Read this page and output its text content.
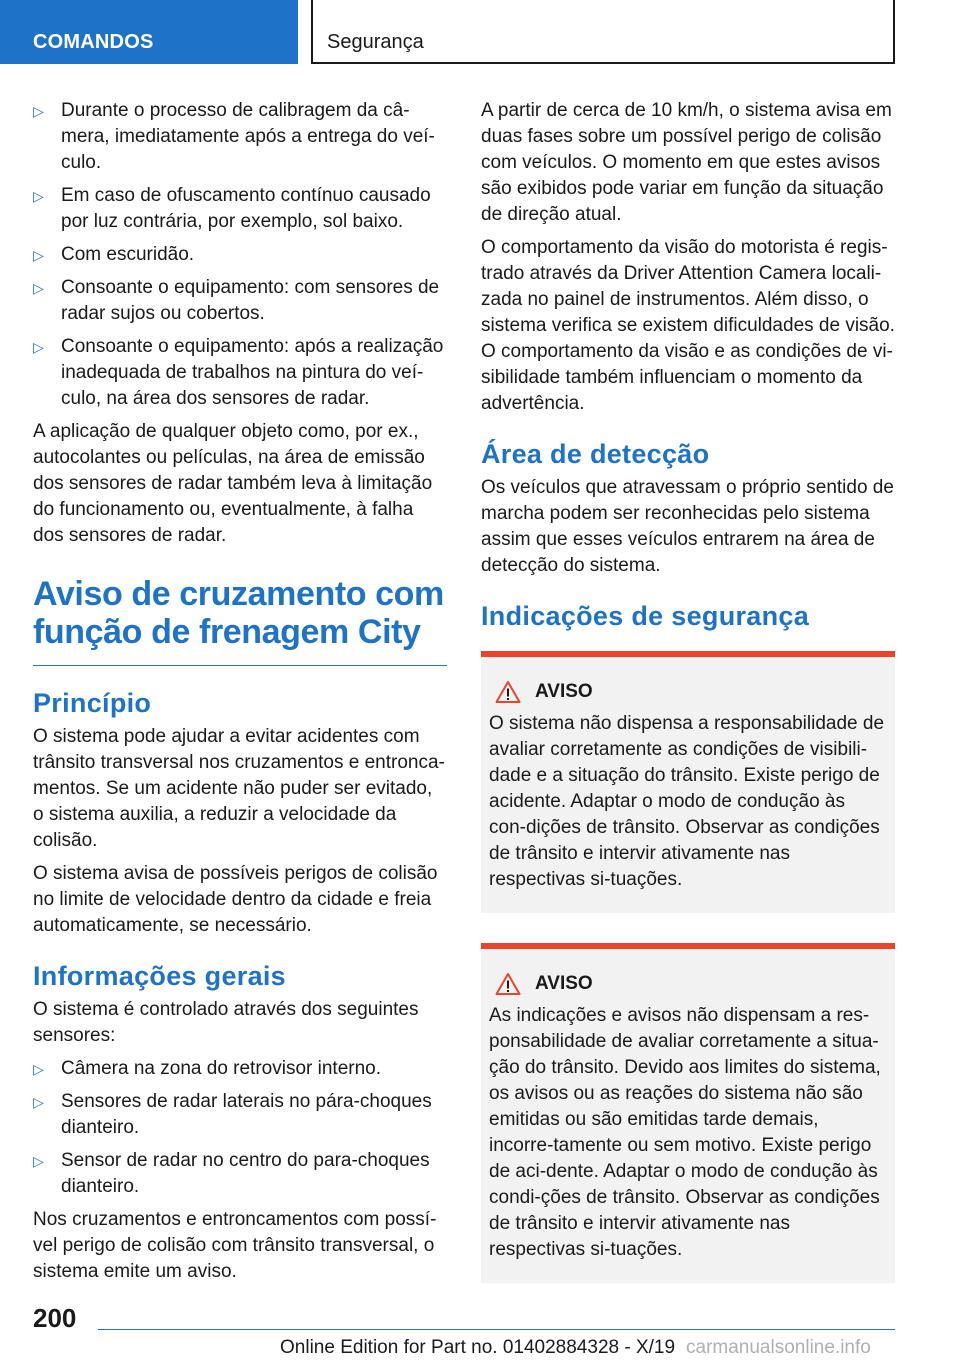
COMANDOS	Segurança
▷ Durante o processo de calibragem da câ-mera, imediatamente após a entrega do veí-culo.
▷ Em caso de ofuscamento contínuo causado por luz contrária, por exemplo, sol baixo.
▷ Com escuridão.
▷ Consoante o equipamento: com sensores de radar sujos ou cobertos.
▷ Consoante o equipamento: após a realização inadequada de trabalhos na pintura do veí-culo, na área dos sensores de radar.

A aplicação de qualquer objeto como, por ex., autocolantes ou películas, na área de emissão dos sensores de radar também leva à limitação do funcionamento ou, eventualmente, à falha dos sensores de radar.

Aviso de cruzamento com função de frenagem City
Princípio

O sistema pode ajudar a evitar acidentes com trânsito transversal nos cruzamentos e entronca-mentos. Se um acidente não puder ser evitado, o sistema auxilia, a reduzir a velocidade da colisão.

O sistema avisa de possíveis perigos de colisão no limite de velocidade dentro da cidade e freia automaticamente, se necessário.

Informações gerais

O sistema é controlado através dos seguintes sensores:

▷ Câmera na zona do retrovisor interno.
▷ Sensores de radar laterais no pára-choques dianteiro.
▷ Sensor de radar no centro do para-choques dianteiro.

Nos cruzamentos e entroncamentos com possí-vel perigo de colisão com trânsito transversal, o sistema emite um aviso.

A partir de cerca de 10 km/h, o sistema avisa em duas fases sobre um possível perigo de colisão com veículos. O momento em que estes avisos são exibidos pode variar em função da situação de direção atual.

O comportamento da visão do motorista é regis-trado através da Driver Attention Camera locali-zada no painel de instrumentos. Além disso, o sistema verifica se existem dificuldades de visão. O comportamento da visão e as condições de vi-sibilidade também influenciam o momento da advertência.

Área de detecção

Os veículos que atravessam o próprio sentido de marcha podem ser reconhecidas pelo sistema assim que esses veículos entrarem na área de detecção do sistema.

Indicações de segurança
AVISO

O sistema não dispensa a responsabilidade de avaliar corretamente as condições de visibili-dade e a situação do trânsito. Existe perigo de acidente. Adaptar o modo de condução às con-dições de trânsito. Observar as condições de trânsito e intervir ativamente nas respectivas si-tuações.

AVISO

As indicações e avisos não dispensam a res-ponsabilidade de avaliar corretamente a situa-ção do trânsito. Devido aos limites do sistema, os avisos ou as reações do sistema não são emitidas ou são emitidas tarde demais, incorre-tamente ou sem motivo. Existe perigo de aci-dente. Adaptar o modo de condução às condi-ções de trânsito. Observar as condições de trânsito e intervir ativamente nas respectivas si-tuações.

200
Online Edition for Part no. 01402884328 - X/19 carmanualsonline.info
